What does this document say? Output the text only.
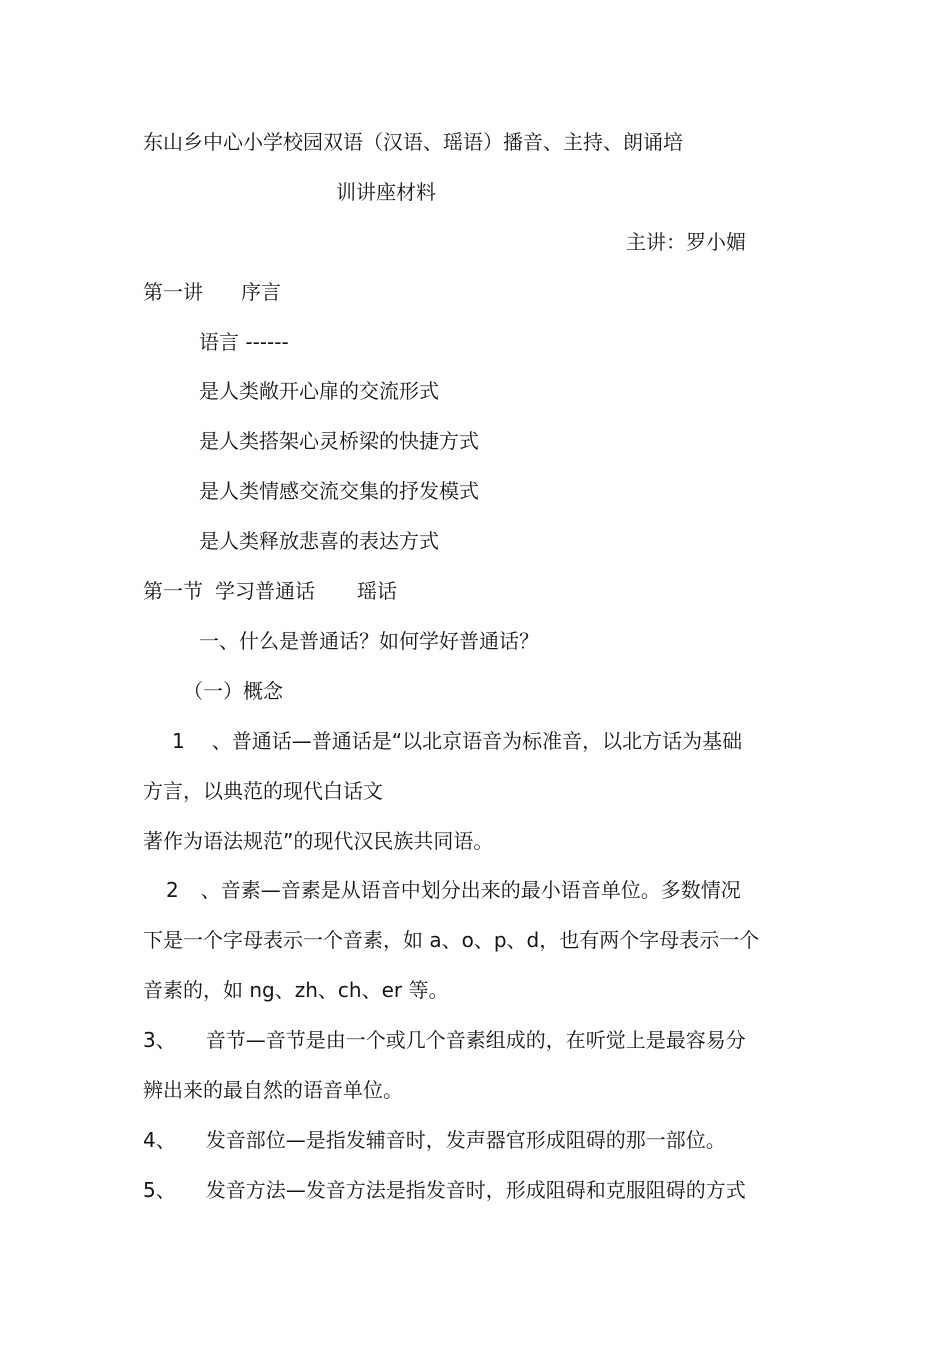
东山乡中心小学校园双语（汉语、瑶语）播音、主持、朗诵培
训讲座材料
主讲：罗小媚
第一讲 序言
语言 ------
是人类敞开心扉的交流形式
是人类搭架心灵桥梁的快捷方式
是人类情感交流交集的抒发模式
是人类释放悲喜的表达方式
第一节 学习普通话 瑶话
一、什么是普通话？如何学好普通话？
（一）概念
1 、普通话—普通话是“以北京语音为标准音，以北方话为基础
方言，以典范的现代白话文
著作为语法规范”的现代汉民族共同语。
2 、音素—音素是从语音中划分出来的最小语音单位。多数情况
下是一个字母表示一个音素，如 a、o、p、d，也有两个字母表示一个
音素的，如 ng、zh、ch、er 等。
3、 音节—音节是由一个或几个音素组成的，在听觉上是最容易分
辨出来的最自然的语音单位。
4、 发音部位—是指发辅音时，发声器官形成阻碍的那一部位。
5、 发音方法—发音方法是指发音时，形成阻碍和克服阻碍的方式
